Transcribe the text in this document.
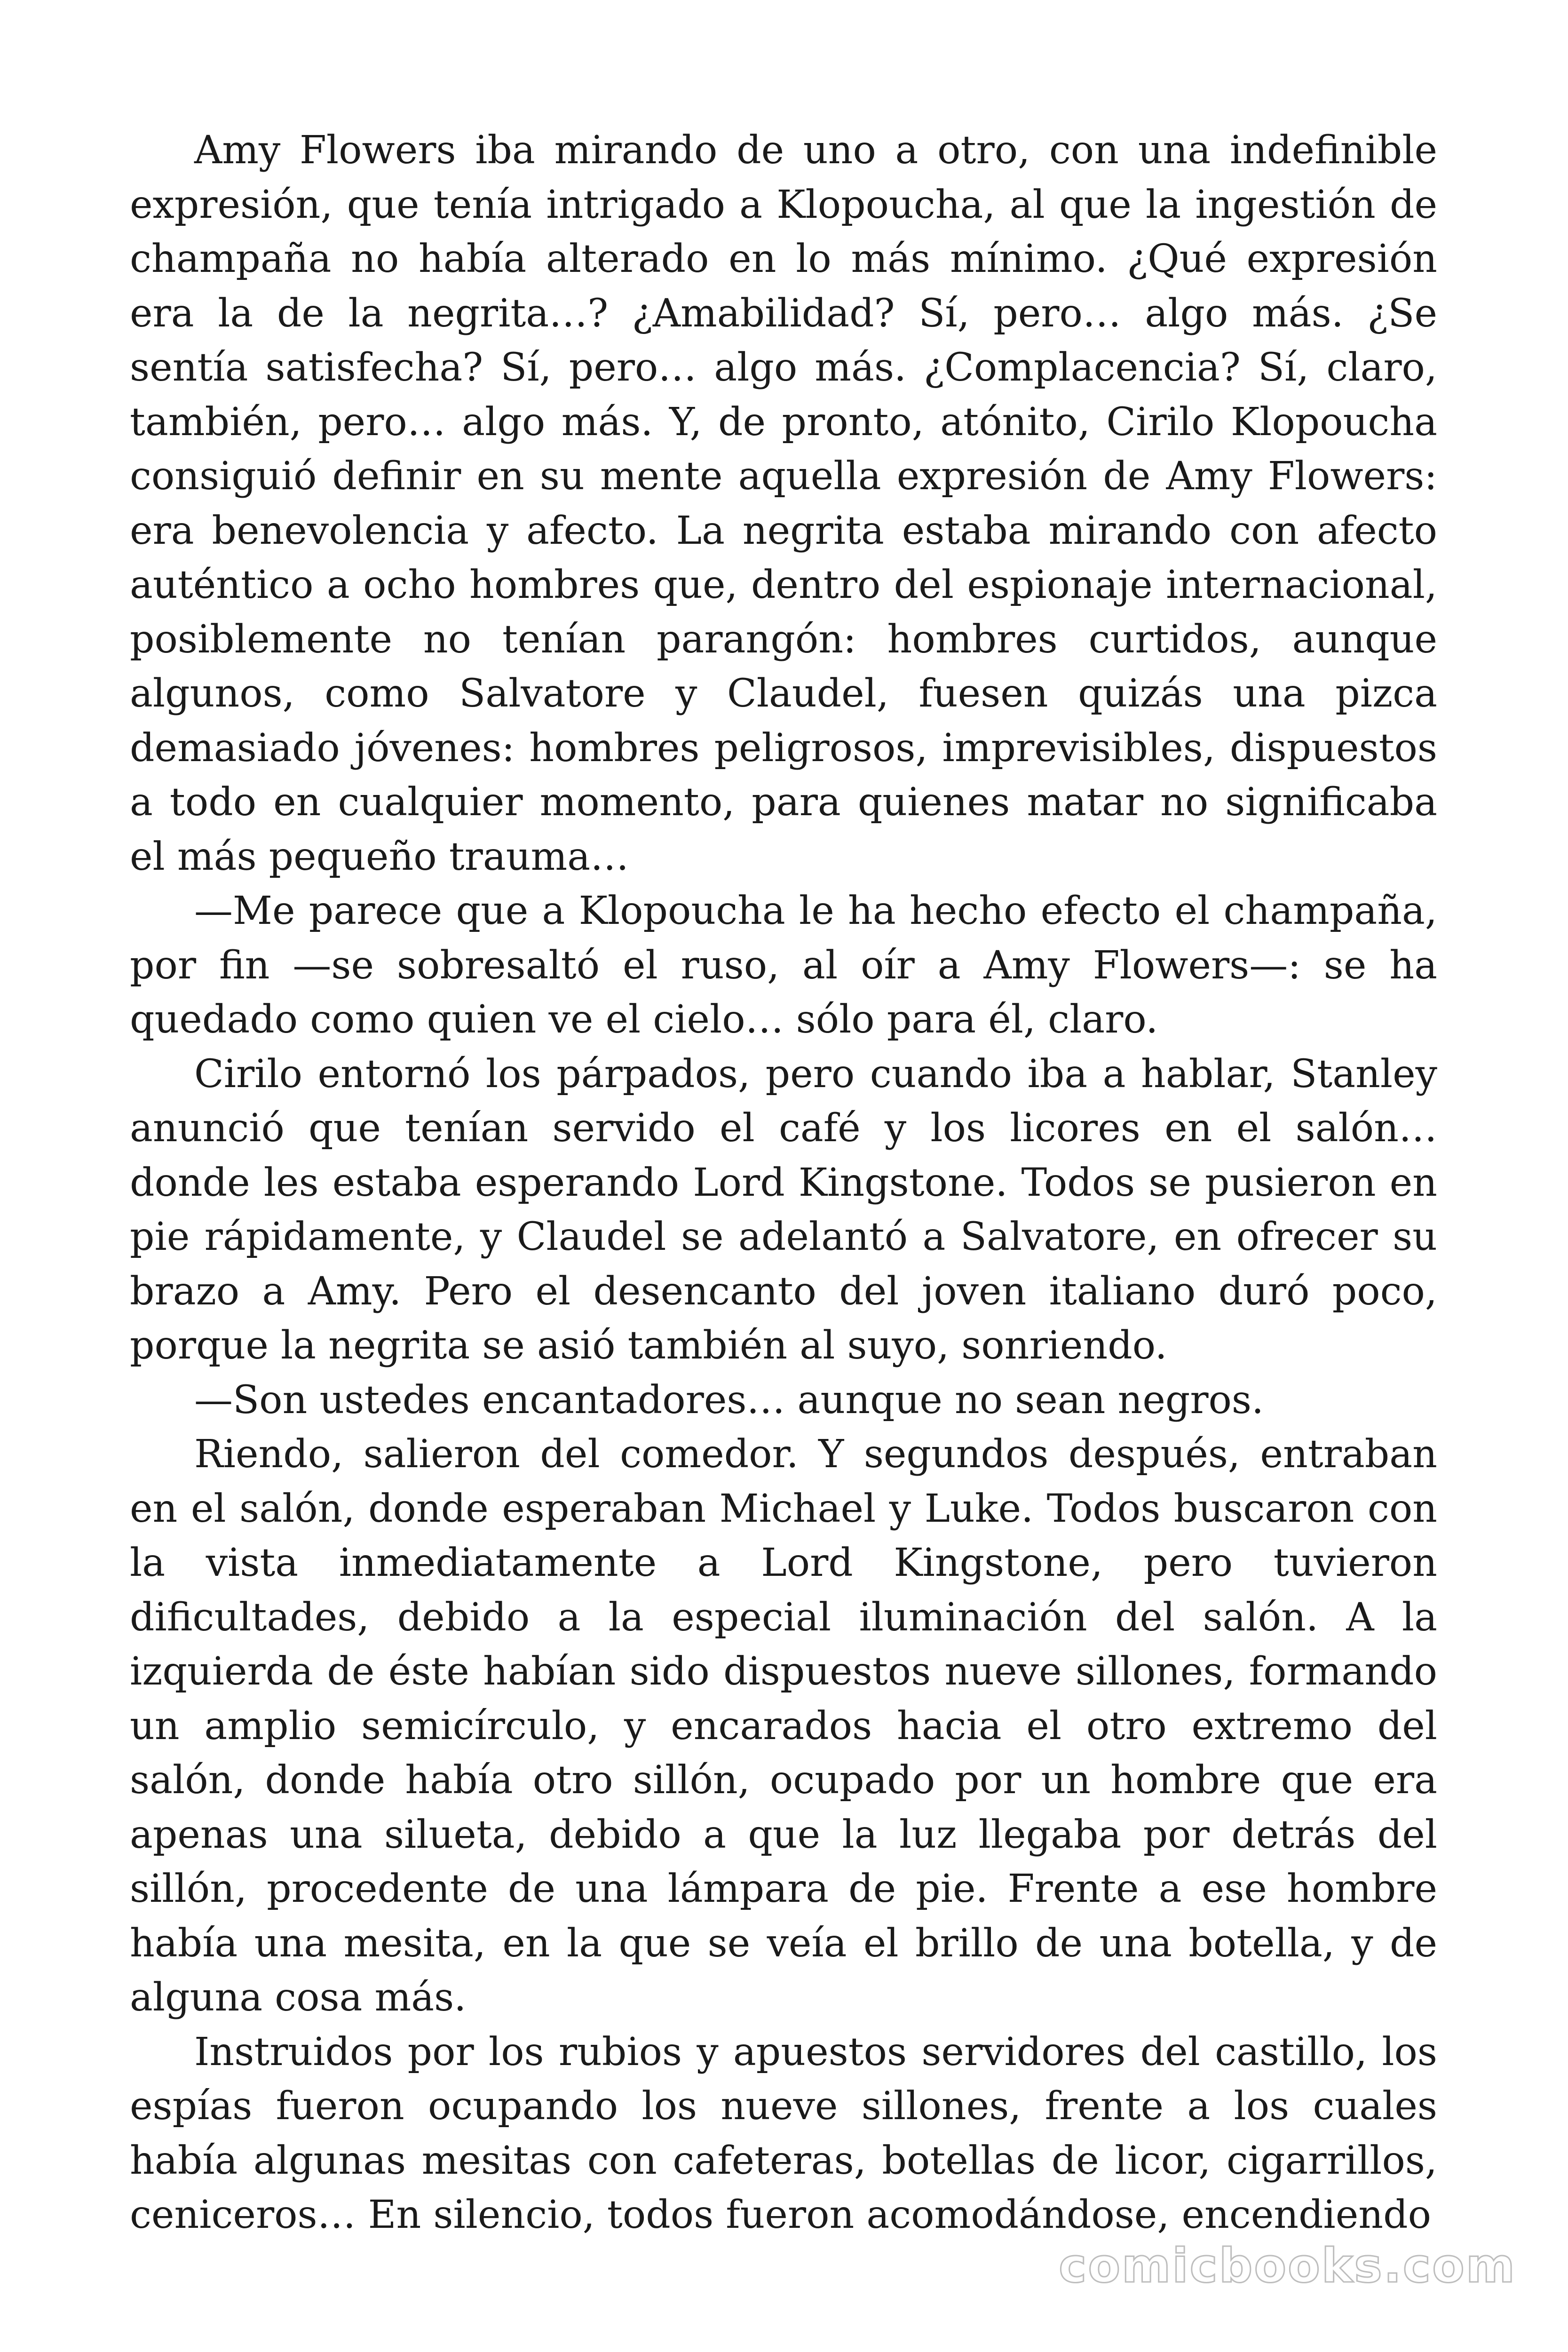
Amy Flowers iba mirando de uno a otro, con una indefinible expresión, que tenía intrigado a Klopoucha, al que la ingestión de champaña no había alterado en lo más mínimo. ¿Qué expresión era la de la negrita…? ¿Amabilidad? Sí, pero… algo más. ¿Se sentía satisfecha? Sí, pero… algo más. ¿Complacencia? Sí, claro, también, pero… algo más. Y, de pronto, atónito, Cirilo Klopoucha consiguió definir en su mente aquella expresión de Amy Flowers: era benevolencia y afecto. La negrita estaba mirando con afecto auténtico a ocho hombres que, dentro del espionaje internacional, posiblemente no tenían parangón: hombres curtidos, aunque algunos, como Salvatore y Claudel, fuesen quizás una pizca demasiado jóvenes: hombres peligrosos, imprevisibles, dispuestos a todo en cualquier momento, para quienes matar no significaba el más pequeño trauma…

—Me parece que a Klopoucha le ha hecho efecto el champaña, por fin —se sobresaltó el ruso, al oír a Amy Flowers—: se ha quedado como quien ve el cielo… sólo para él, claro.

Cirilo entornó los párpados, pero cuando iba a hablar, Stanley anunció que tenían servido el café y los licores en el salón… donde les estaba esperando Lord Kingstone. Todos se pusieron en pie rápidamente, y Claudel se adelantó a Salvatore, en ofrecer su brazo a Amy. Pero el desencanto del joven italiano duró poco, porque la negrita se asió también al suyo, sonriendo.

—Son ustedes encantadores… aunque no sean negros.

Riendo, salieron del comedor. Y segundos después, entraban en el salón, donde esperaban Michael y Luke. Todos buscaron con la vista inmediatamente a Lord Kingstone, pero tuvieron dificultades, debido a la especial iluminación del salón. A la izquierda de éste habían sido dispuestos nueve sillones, formando un amplio semicírculo, y encarados hacia el otro extremo del salón, donde había otro sillón, ocupado por un hombre que era apenas una silueta, debido a que la luz llegaba por detrás del sillón, procedente de una lámpara de pie. Frente a ese hombre había una mesita, en la que se veía el brillo de una botella, y de alguna cosa más.

Instruidos por los rubios y apuestos servidores del castillo, los espías fueron ocupando los nueve sillones, frente a los cuales había algunas mesitas con cafeteras, botellas de licor, cigarrillos, ceniceros… En silencio, todos fueron acomodándose, encendiendo

comicbooks.com
